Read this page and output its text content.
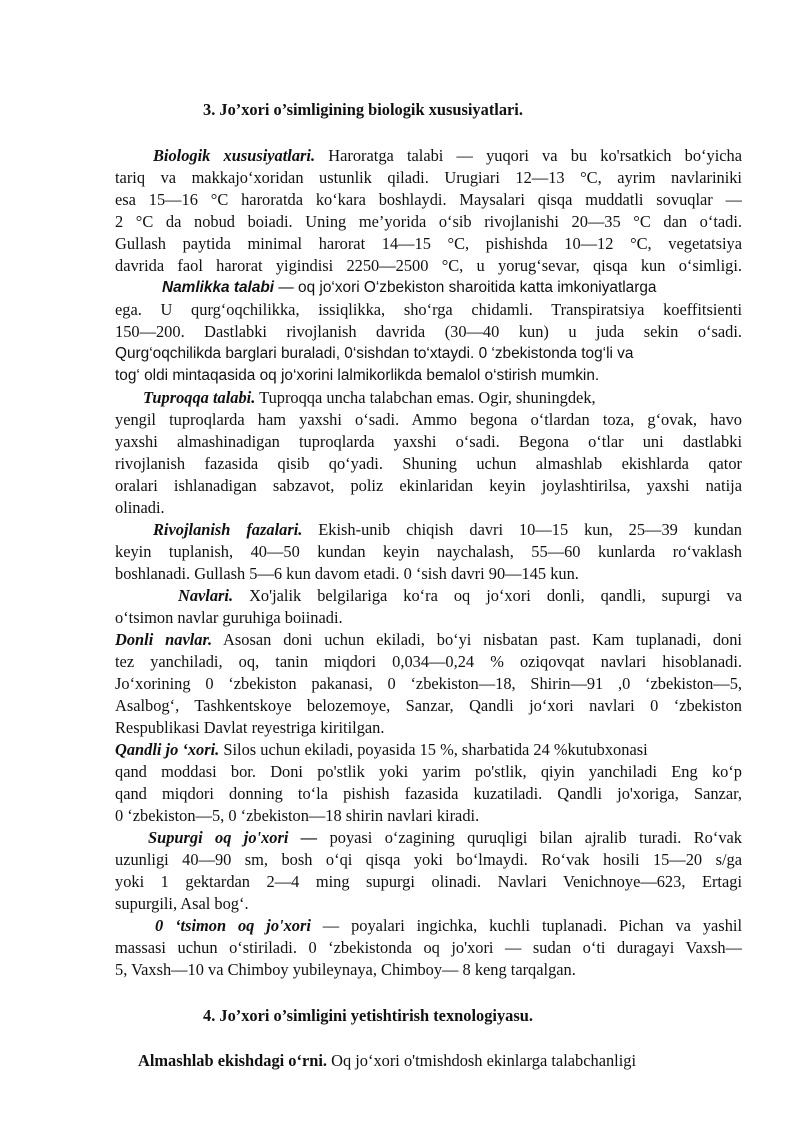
3. Jo’xori o’simligining biologik xususiyatlari.
Biologik xususiyatlari. Haroratga talabi — yuqori va bu ko'rsatkich bo‘yicha
tariq va makkajo‘xoridan ustunlik qiladi. Urugiari 12—13 °C, ayrim navlariniki
esa 15—16 °C haroratda ko‘kara boshlaydi. Maysalari qisqa muddatli sovuqlar —
2 °C da nobud boiadi. Uning me’yorida o‘sib rivojlanishi 20—35 °C dan o‘tadi.
Gullash paytida minimal harorat 14—15 °C, pishishda 10—12 °C, vegetatsiya
davrida faol harorat yigindisi 2250—2500 °C, u yorug‘sevar, qisqa kun o‘simligi.
Namlikka talabi — oq jo‘xori O‘zbekiston sharoitida katta imkoniyatlarga
ega. U qurg‘oqchilikka, issiqlikka, sho‘rga chidamli. Transpiratsiya koeffitsienti
150—200. Dastlabki rivojlanish davrida (30—40 kun) u juda sekin o‘sadi.
Qurg‘oqchilikda barglari buraladi, 0‘sishdan to‘xtaydi. 0 ‘zbekistonda tog‘li va
tog‘ oldi mintaqasida oq jo‘xorini lalmikorlikda bemalol o‘stirish mumkin.
Tuproqqa talabi. Tuproqqa uncha talabchan emas. Ogir, shuningdek,
yengil tuproqlarda ham yaxshi o‘sadi. Ammo begona o‘tlardan toza, g‘ovak, havo
yaxshi almashinadigan tuproqlarda yaxshi o‘sadi. Begona o‘tlar uni dastlabki
rivojlanish fazasida qisib qo‘yadi. Shuning uchun almashlab ekishlarda qator
oralari ishlanadigan sabzavot, poliz ekinlaridan keyin joylashtirilsa, yaxshi natija
olinadi.
Rivojlanish fazalari. Ekish-unib chiqish davri 10—15 kun, 25—39 kundan
keyin tuplanish, 40—50 kundan keyin naychalash, 55—60 kunlarda ro‘vaklash
boshlanadi. Gullash 5—6 kun davom etadi. 0 ‘sish davri 90—145 kun.
Navlari. Xo'jalik belgilariga ko‘ra oq jo‘xori donli, qandli, supurgi va
o‘tsimon navlar guruhiga boiinadi.
Donli navlar. Asosan doni uchun ekiladi, bo‘yi nisbatan past. Kam tuplanadi, doni
tez yanchiladi, oq, tanin miqdori 0,034—0,24 % oziqovqat navlari hisoblanadi.
Jo‘xorining 0 ‘zbekiston pakanasi, 0 ‘zbekiston—18, Shirin—91 ,0 ‘zbekiston—5,
Asalbog‘, Tashkentskoye belozemoye, Sanzar, Qandli jo‘xori navlari 0 ‘zbekiston
Respublikasi Davlat reyestriga kiritilgan.
Qandli jo ‘xori. Silos uchun ekiladi, poyasida 15 %, sharbatida 24 %kutubxonasi
qand moddasi bor. Doni po'stlik yoki yarim po'stlik, qiyin yanchiladi Eng ko‘p
qand miqdori donning to‘la pishish fazasida kuzatiladi. Qandli jo'xoriga, Sanzar,
0 ‘zbekiston—5, 0 ‘zbekiston—18 shirin navlari kiradi.
Supurgi oq jo'xori — poyasi o‘zagining quruqligi bilan ajralib turadi. Ro‘vak
uzunligi 40—90 sm, bosh o‘qi qisqa yoki bo‘lmaydi. Ro‘vak hosili 15—20 s/ga
yoki 1 gektardan 2—4 ming supurgi olinadi. Navlari Venichnoye—623, Ertagi
supurgili, Asal bog‘.
0 ‘tsimon oq jo'xori — poyalari ingichka, kuchli tuplanadi. Pichan va yashil
massasi uchun o‘stiriladi. 0 ‘zbekistonda oq jo'xori — sudan o‘ti duragayi Vaxsh—
5, Vaxsh—10 va Chimboy yubileynaya, Chimboy— 8 keng tarqalgan.
4. Jo’xori o’simligini yetishtirish texnologiyasu.
Almashlab ekishdagi o‘rni. Oq jo‘xori o'tmishdosh ekinlarga talabchanligi
